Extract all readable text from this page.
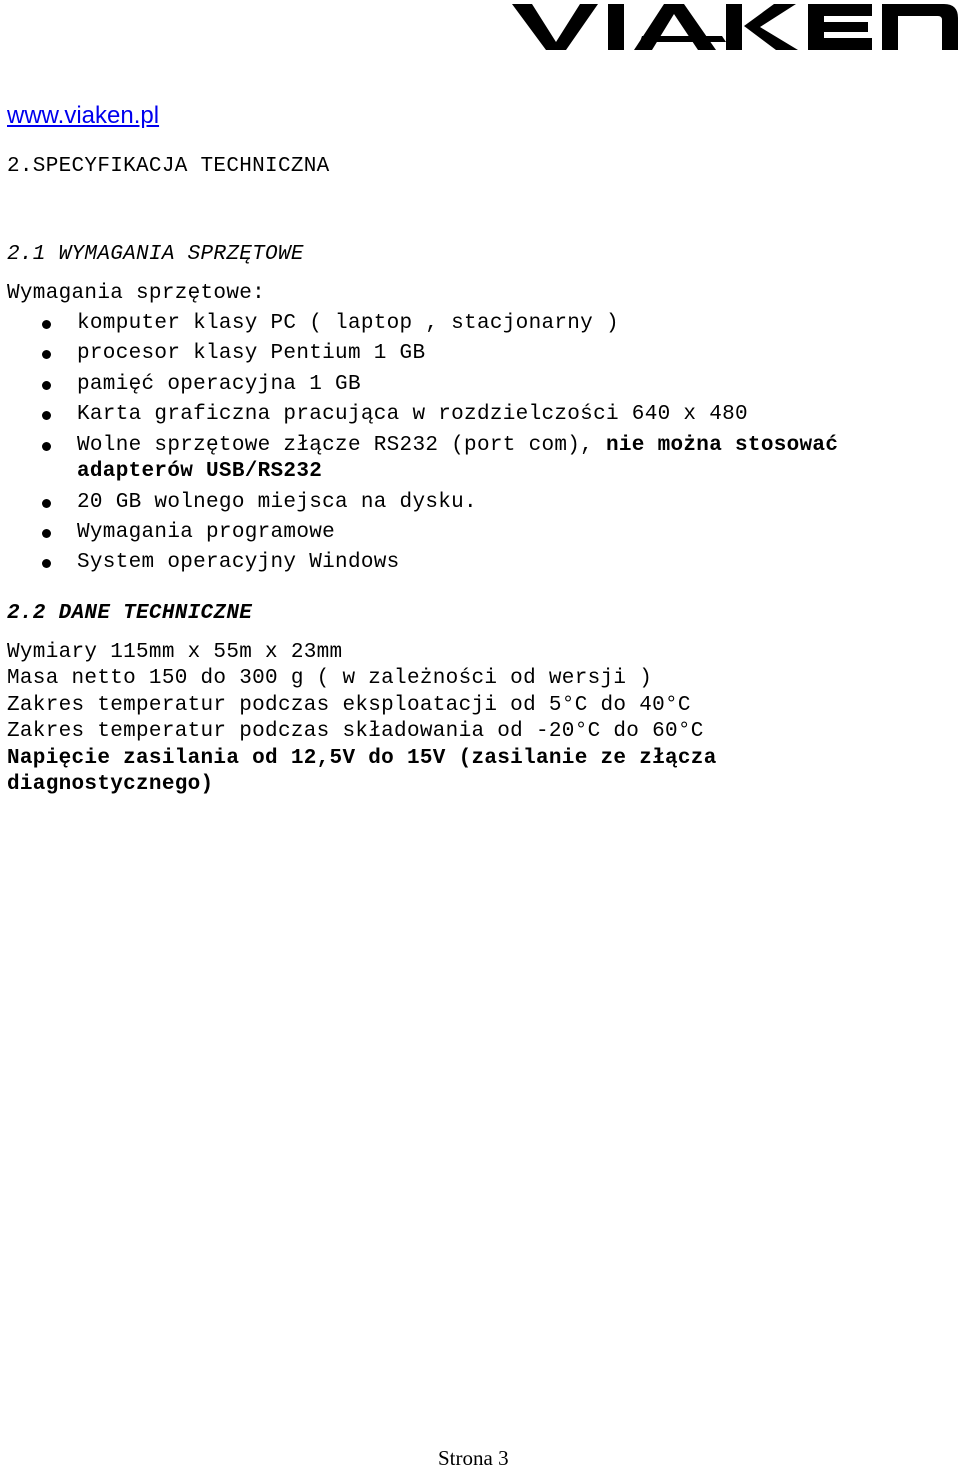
www.viaken.pl
2.SPECYFIKACJA TECHNICZNA
2.1 WYMAGANIA SPRZĘTOWE
Wymagania sprzętowe:
komputer klasy PC ( laptop , stacjonarny )
procesor klasy Pentium 1 GB
pamięć operacyjna 1 GB
Karta graficzna pracująca w rozdzielczości 640 x 480
Wolne sprzętowe złącze RS232 (port com), nie można stosować
adapterów USB/RS232
20 GB wolnego miejsca na dysku.
Wymagania programowe
System operacyjny Windows
2.2 DANE TECHNICZNE
Wymiary 115mm x 55m x 23mm
Masa netto 150 do 300 g ( w zależności od wersji )
Zakres temperatur podczas eksploatacji od 5°C do 40°C
Zakres temperatur podczas składowania od -20°C do 60°C
Napięcie zasilania od 12,5V do 15V (zasilanie ze złącza
diagnostycznego)
Strona 3
